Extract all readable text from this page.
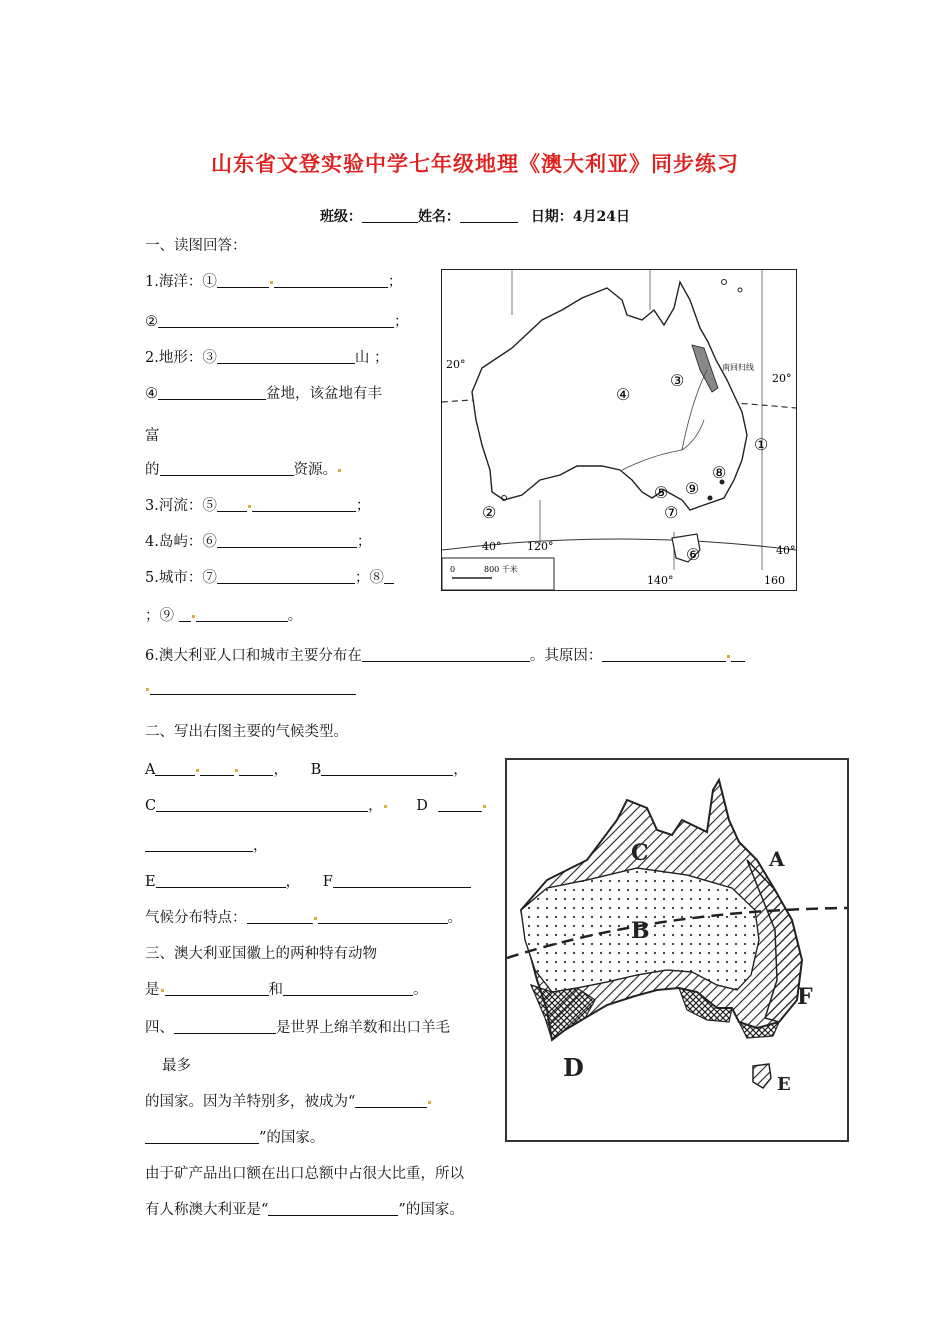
山东省文登实验中学七年级地理《澳大利亚》同步练习
班级：	姓名：	日期：4月24日
一、读图回答：
1.海洋：①	；
②	；
2.地形：③	山 ；
④	盆地，该盆地有丰
富
的	资源。
3.河流：⑤	；
4.岛屿：⑥	；
5.城市：⑦	；⑧
；⑨	。
6.澳大利亚人口和城市主要分布在	。其原因：
二、写出右图主要的气候类型。
A	， B	，
C	， D
，
E	， F
气候分布特点：	。
三、澳大利亚国徽上的两种特有动物
是	和	。
四、	是世界上绵羊数和出口羊毛
最多
的国家。因为羊特别多，被成为“
”的国家。
由于矿产品出口额在出口总额中占很大比重，所以
有人称澳大利亚是“	”的国家。
20°
20°
南回归线
40° 120°
140°	160
40°
③
④
①
②
⑧
⑨
⑤
⑦
⑥
0	800 千米
C	A
B
F
D
E
